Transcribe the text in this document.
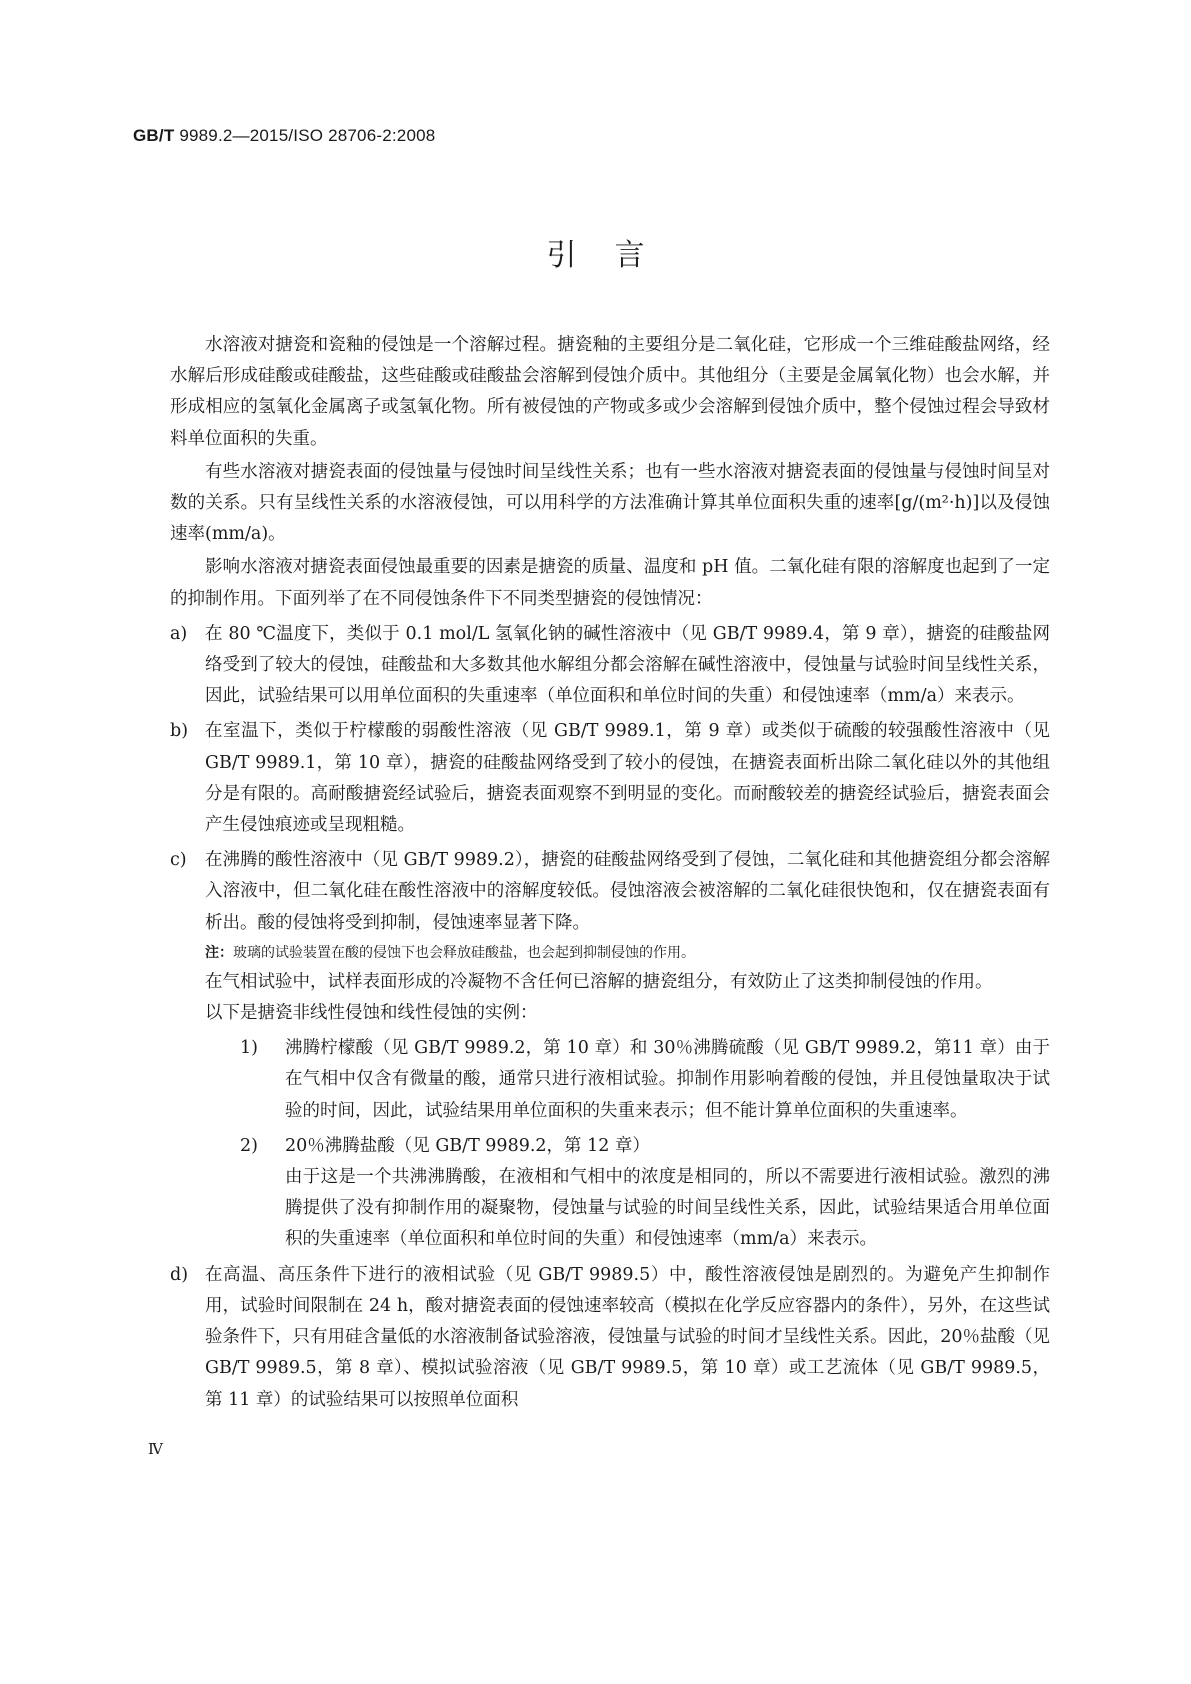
GB/T 9989.2—2015/ISO 28706-2:2008
引言

水溶液对搪瓷和瓷釉的侵蚀是一个溶解过程。搪瓷釉的主要组分是二氧化硅，它形成一个三维硅酸盐网络，经水解后形成硅酸或硅酸盐，这些硅酸或硅酸盐会溶解到侵蚀介质中。其他组分（主要是金属氧化物）也会水解，并形成相应的氢氧化金属离子或氢氧化物。所有被侵蚀的产物或多或少会溶解到侵蚀介质中，整个侵蚀过程会导致材料单位面积的失重。

有些水溶液对搪瓷表面的侵蚀量与侵蚀时间呈线性关系；也有一些水溶液对搪瓷表面的侵蚀量与侵蚀时间呈对数的关系。只有呈线性关系的水溶液侵蚀，可以用科学的方法准确计算其单位面积失重的速率[g/(m²·h)]以及侵蚀速率(mm/a)。

影响水溶液对搪瓷表面侵蚀最重要的因素是搪瓷的质量、温度和 pH 值。二氧化硅有限的溶解度也起到了一定的抑制作用。下面列举了在不同侵蚀条件下不同类型搪瓷的侵蚀情况：

a)	在 80 ℃温度下，类似于 0.1 mol/L 氢氧化钠的碱性溶液中（见 GB/T 9989.4，第 9 章），搪瓷的硅酸盐网络受到了较大的侵蚀，硅酸盐和大多数其他水解组分都会溶解在碱性溶液中，侵蚀量与试验时间呈线性关系，因此，试验结果可以用单位面积的失重速率（单位面积和单位时间的失重）和侵蚀速率（mm/a）来表示。
b) 在室温下，类似于柠檬酸的弱酸性溶液（见 GB/T 9989.1，第 9 章）或类似于硫酸的较强酸性溶液中（见 GB/T 9989.1，第 10 章），搪瓷的硅酸盐网络受到了较小的侵蚀，在搪瓷表面析出除二氧化硅以外的其他组分是有限的。高耐酸搪瓷经试验后，搪瓷表面观察不到明显的变化。而耐酸较差的搪瓷经试验后，搪瓷表面会产生侵蚀痕迹或呈现粗糙。
c)	在沸腾的酸性溶液中（见 GB/T 9989.2），搪瓷的硅酸盐网络受到了侵蚀，二氧化硅和其他搪瓷组分都会溶解入溶液中，但二氧化硅在酸性溶液中的溶解度较低。侵蚀溶液会被溶解的二氧化硅很快饱和，仅在搪瓷表面有析出。酸的侵蚀将受到抑制，侵蚀速率显著下降。
注：玻璃的试验装置在酸的侵蚀下也会释放硅酸盐，也会起到抑制侵蚀的作用。
在气相试验中，试样表面形成的冷凝物不含任何已溶解的搪瓷组分，有效防止了这类抑制侵蚀的作用。
以下是搪瓷非线性侵蚀和线性侵蚀的实例：
1) 沸腾柠檬酸（见 GB/T 9989.2，第 10 章）和 30％沸腾硫酸（见 GB/T 9989.2，第11 章）由于在气相中仅含有微量的酸，通常只进行液相试验。抑制作用影响着酸的侵蚀，并且侵蚀量取决于试验的时间，因此，试验结果用单位面积的失重来表示；但不能计算单位面积的失重速率。
2) 20％沸腾盐酸（见 GB/T 9989.2，第 12 章）
由于这是一个共沸沸腾酸，在液相和气相中的浓度是相同的，所以不需要进行液相试验。激烈的沸腾提供了没有抑制作用的凝聚物，侵蚀量与试验的时间呈线性关系，因此，试验结果适合用单位面积的失重速率（单位面积和单位时间的失重）和侵蚀速率（mm/a）来表示。
d) 在高温、高压条件下进行的液相试验（见 GB/T 9989.5）中，酸性溶液侵蚀是剧烈的。为避免产生抑制作用，试验时间限制在 24 h，酸对搪瓷表面的侵蚀速率较高（模拟在化学反应容器内的条件），另外，在这些试验条件下，只有用硅含量低的水溶液制备试验溶液，侵蚀量与试验的时间才呈线性关系。因此，20％盐酸（见 GB/T 9989.5，第 8 章）、模拟试验溶液（见 GB/T 9989.5，第 10 章）或工艺流体（见 GB/T 9989.5，第 11 章）的试验结果可以按照单位面积
Ⅳ
